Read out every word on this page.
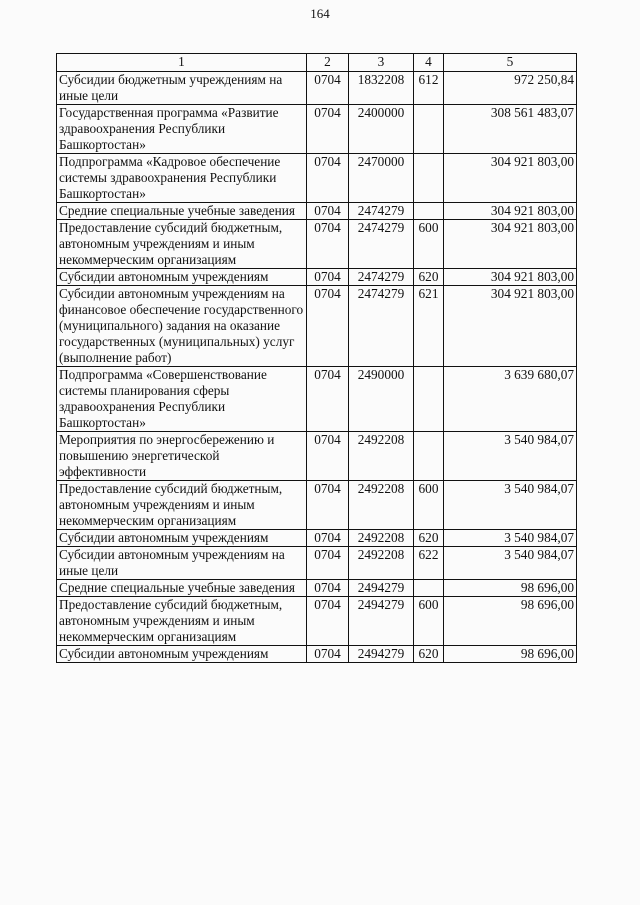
164
1	2	3	4	5
Субсидии бюджетным учреждениям на иные цели	0704	1832208	612	972 250,84
Государственная программа «Развитие здравоохранения Республики Башкортостан»	0704	2400000		308 561 483,07
Подпрограмма «Кадровое обеспечение системы здравоохранения Республики Башкортостан»	0704	2470000		304 921 803,00
Средние специальные учебные заведения	0704	2474279		304 921 803,00
Предоставление субсидий бюджетным, автономным учреждениям и иным некоммерческим организациям	0704	2474279	600	304 921 803,00
Субсидии автономным учреждениям	0704	2474279	620	304 921 803,00
Субсидии автономным учреждениям на финансовое обеспечение государственного (муниципального) задания на оказание государственных (муниципальных) услуг (выполнение работ)	0704	2474279	621	304 921 803,00
Подпрограмма «Совершенствование системы планирования сферы здравоохранения Республики Башкортостан»	0704	2490000		3 639 680,07
Мероприятия по энергосбережению и повышению энергетической эффективности	0704	2492208		3 540 984,07
Предоставление субсидий бюджетным, автономным учреждениям и иным некоммерческим организациям	0704	2492208	600	3 540 984,07
Субсидии автономным учреждениям	0704	2492208	620	3 540 984,07
Субсидии автономным учреждениям на иные цели	0704	2492208	622	3 540 984,07
Средние специальные учебные заведения	0704	2494279		98 696,00
Предоставление субсидий бюджетным, автономным учреждениям и иным некоммерческим организациям	0704	2494279	600	98 696,00
Субсидии автономным учреждениям	0704	2494279	620	98 696,00
